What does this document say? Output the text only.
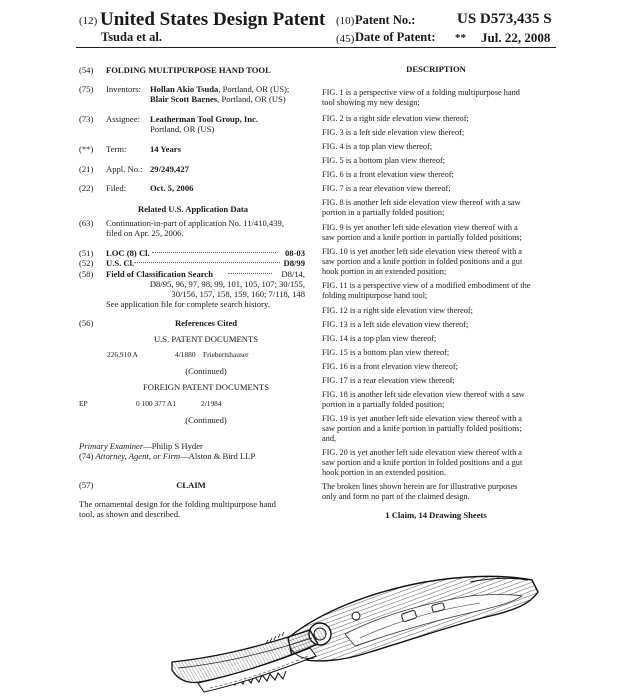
(12) United States Design Patent
Tsuda et al.
(10) Patent No.:	US D573,435 S
(45) Date of Patent: ** Jul. 22, 2008
(54) FOLDING MULTIPURPOSE HAND TOOL
(75) Inventors: Hollan Akio Tsuda, Portland, OR (US);
Blair Scott Barnes, Portland, OR (US)
(73) Assignee: Leatherman Tool Group, Inc.
Portland, OR (US)
(**) Term:	14 Years
(21) Appl. No.: 29/249,427
(22) Filed:	Oct. 5, 2006
Related U.S. Application Data
(63) Continuation-in-part of application No. 11/410,439,
filed on Apr. 25, 2006.
(51) LOC (8) Cl.	08-03
(52) U.S. Cl.	D8/99
(58) Field of Classification Search	D8/14,
D8/95, 96, 97, 98, 99, 101, 105, 107; 30/155,
30/156, 157, 158, 159, 160; 7/118, 148
See application file for complete search history.
(56)	References Cited
U.S. PATENT DOCUMENTS
226,910 A	4/1880 Friebertshauser
(Continued)
FOREIGN PATENT DOCUMENTS
EP	0 100 377 A1	2/1984
(Continued)
Primary Examiner—Philip S Hyder
(74) Attorney, Agent, or Firm—Alston & Bird LLP
(57)	CLAIM
The ornamental design for the folding multipurpose hand
tool, as shown and described.
DESCRIPTION
FIG. 1 is a perspective view of a folding multipurpose hand
tool showing my new design;
FIG. 2 is a right side elevation view thereof;
FIG. 3 is a left side elevation view thereof;
FIG. 4 is a top plan view thereof;
FIG. 5 is a bottom plan view thereof;
FIG. 6 is a front elevation view thereof;
FIG. 7 is a rear elevation view thereof;
FIG. 8 is another left side elevation view thereof with a saw
portion in a partially folded position;
FIG. 9 is yet another left side elevation view thereof with a
saw portion and a knife portion in partially folded positions;
FIG. 10 is yet another left side elevation view thereof with a
saw portion and a knife portion in folded positions and a gut
hook portion in an extended position;
FIG. 11 is a perspective view of a modified embodiment of the
folding multipurpose hand tool;
FIG. 12 is a right side elevation view thereof;
FIG. 13 is a left side elevation view thereof;
FIG. 14 is a top plan view thereof;
FIG. 15 is a bottom plan view thereof;
FIG. 16 is a front elevation view thereof;
FIG. 17 is a rear elevation view thereof;
FIG. 18 is another left side elevation view thereof with a saw
portion in a partially folded position;
FIG. 19 is yet another left side elevation view thereof with a
saw portion and a knife portion in partially folded positions;
and,
FIG. 20 is yet another left side elevation view thereof with a
saw portion and a knife portion in folded positions and a gut
hook portion in an extended position.
The broken lines shown herein are for illustrative purposes
only and form no part of the claimed design.
1 Claim, 14 Drawing Sheets
